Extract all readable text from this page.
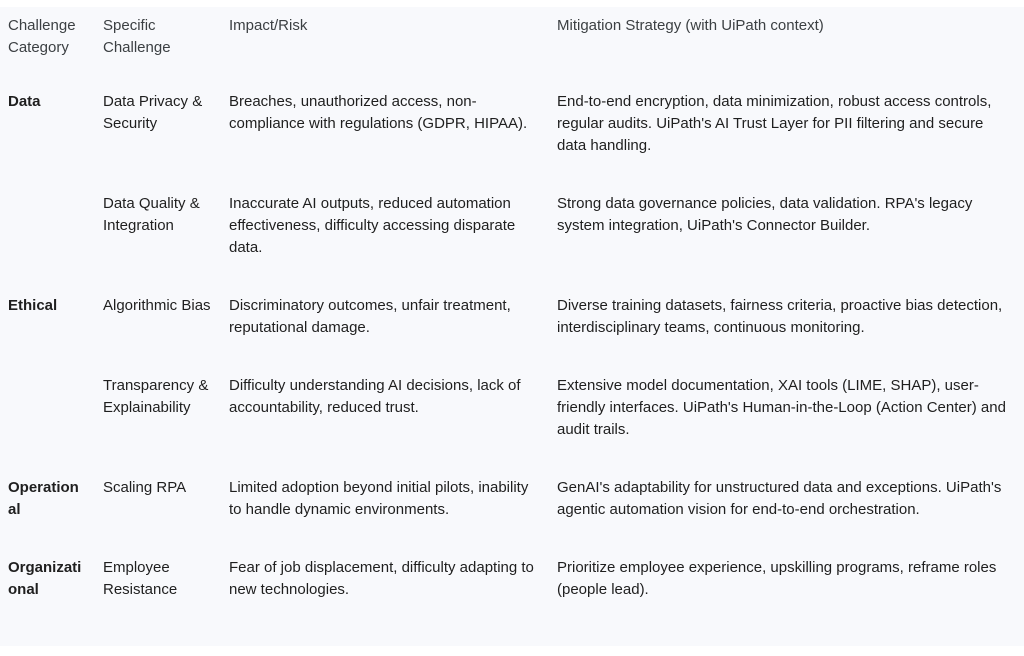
Challenge Category	Specific Challenge	Impact/Risk	Mitigation Strategy (with UiPath context)
Data	Data Privacy & Security	Breaches, unauthorized access, non-compliance with regulations (GDPR, HIPAA).	End-to-end encryption, data minimization, robust access controls, regular audits. UiPath's AI Trust Layer for PII filtering and secure data handling.
	Data Quality & Integration	Inaccurate AI outputs, reduced automation effectiveness, difficulty accessing disparate data.	Strong data governance policies, data validation. RPA's legacy system integration, UiPath's Connector Builder.
Ethical	Algorithmic Bias	Discriminatory outcomes, unfair treatment, reputational damage.	Diverse training datasets, fairness criteria, proactive bias detection, interdisciplinary teams, continuous monitoring.
	Transparency & Explainability	Difficulty understanding AI decisions, lack of accountability, reduced trust.	Extensive model documentation, XAI tools (LIME, SHAP), user-friendly interfaces. UiPath's Human-in-the-Loop (Action Center) and audit trails.
Operational	Scaling RPA	Limited adoption beyond initial pilots, inability to handle dynamic environments.	GenAI's adaptability for unstructured data and exceptions. UiPath's agentic automation vision for end-to-end orchestration.
Organizational	Employee Resistance	Fear of job displacement, difficulty adapting to new technologies.	Prioritize employee experience, upskilling programs, reframe roles (people lead).
